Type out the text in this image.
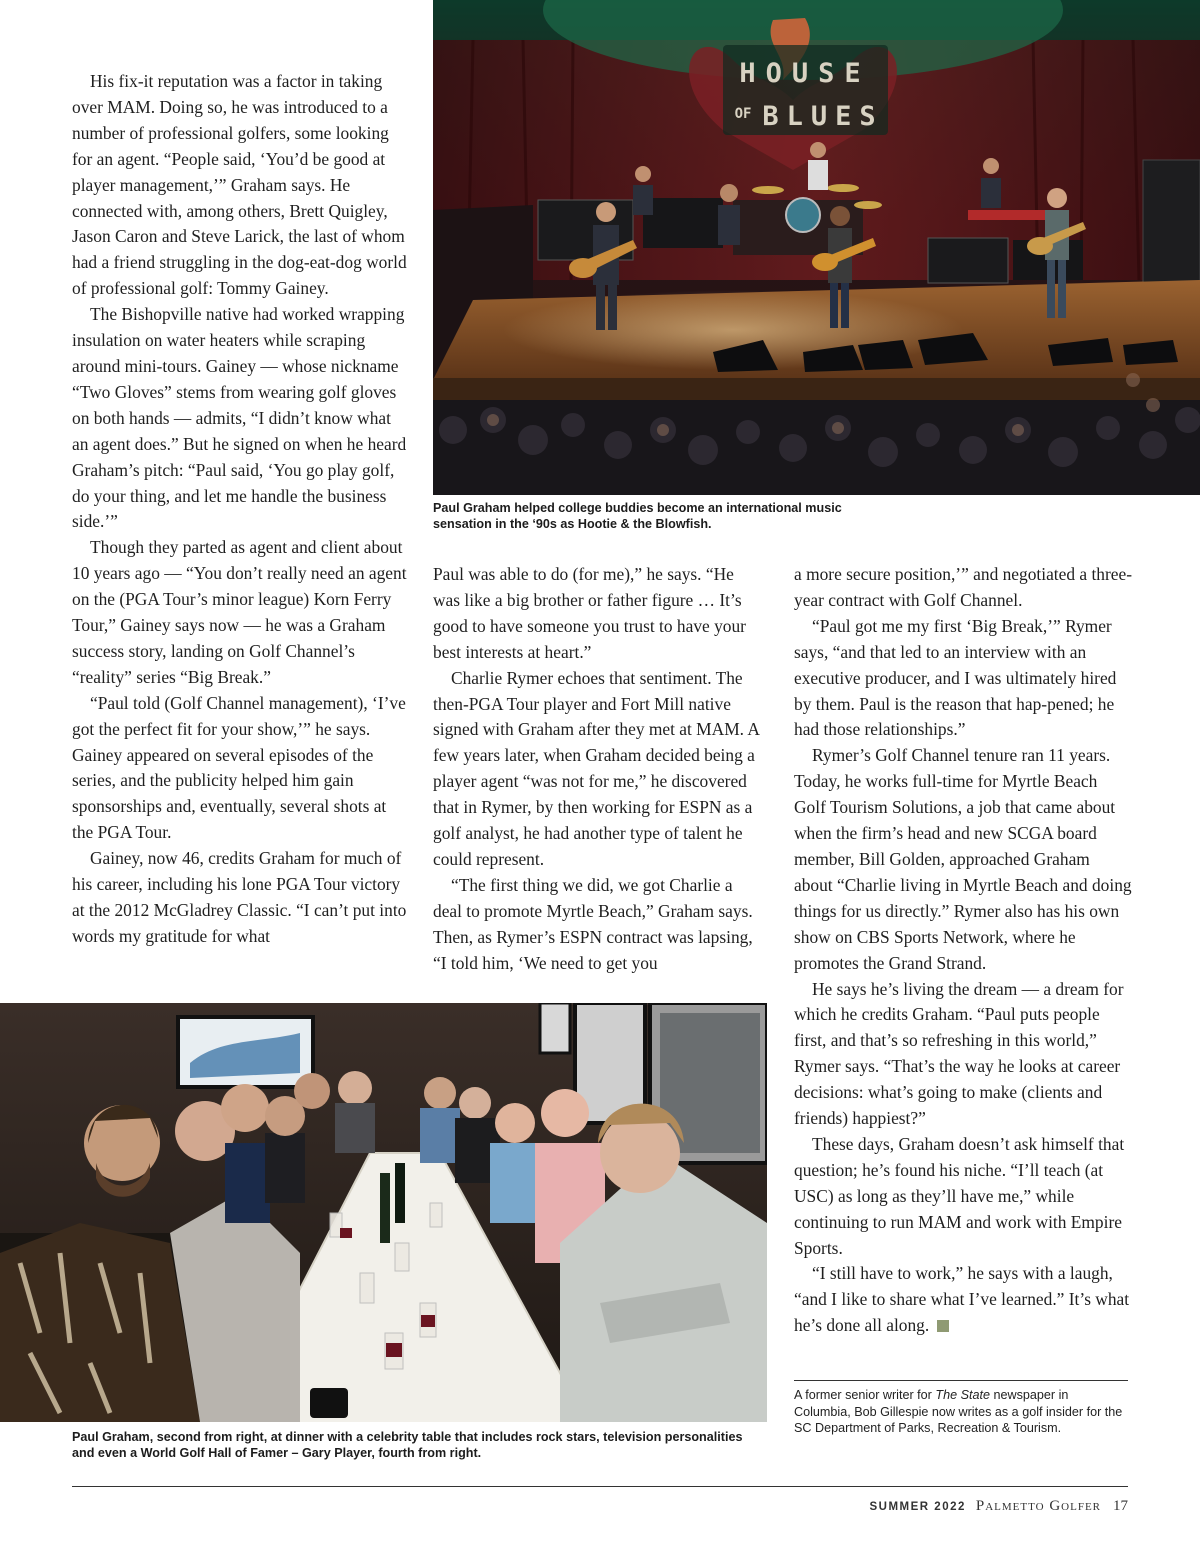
His fix-it reputation was a factor in taking over MAM. Doing so, he was introduced to a number of professional golfers, some looking for an agent. “People said, ‘You’d be good at player management,’” Graham says. He connected with, among others, Brett Quigley, Jason Caron and Steve Larick, the last of whom had a friend struggling in the dog-eat-dog world of professional golf: Tommy Gainey.

The Bishopville native had worked wrapping insulation on water heaters while scraping around mini-tours. Gainey — whose nickname “Two Gloves” stems from wearing golf gloves on both hands — admits, “I didn’t know what an agent does.” But he signed on when he heard Graham’s pitch: “Paul said, ‘You go play golf, do your thing, and let me handle the business side.’”

Though they parted as agent and client about 10 years ago — “You don’t really need an agent on the (PGA Tour’s minor league) Korn Ferry Tour,” Gainey says now — he was a Graham success story, landing on Golf Channel’s “reality” series “Big Break.”

“Paul told (Golf Channel management), ‘I’ve got the perfect fit for your show,’” he says. Gainey appeared on several episodes of the series, and the publicity helped him gain sponsorships and, eventually, several shots at the PGA Tour.

Gainey, now 46, credits Graham for much of his career, including his lone PGA Tour victory at the 2012 McGladrey Classic. “I can’t put into words my gratitude for what

HOUSE
OF BLUES
Paul Graham helped college buddies become an international music sensation in the ‘90s as Hootie & the Blowfish.

Paul was able to do (for me),” he says. “He was like a big brother or father figure … It’s good to have someone you trust to have your best interests at heart.”

Charlie Rymer echoes that sentiment. The then-PGA Tour player and Fort Mill native signed with Graham after they met at MAM. A few years later, when Graham decided being a player agent “was not for me,” he discovered that in Rymer, by then working for ESPN as a golf analyst, he had another type of talent he could represent.

“The first thing we did, we got Charlie a deal to promote Myrtle Beach,” Graham says. Then, as Rymer’s ESPN contract was lapsing, “I told him, ‘We need to get you

a more secure position,’” and negotiated a three-year contract with Golf Channel.

“Paul got me my first ‘Big Break,’” Rymer says, “and that led to an interview with an executive producer, and I was ultimately hired by them. Paul is the reason that hap-pened; he had those relationships.”

Rymer’s Golf Channel tenure ran 11 years. Today, he works full-time for Myrtle Beach Golf Tourism Solutions, a job that came about when the firm’s head and new SCGA board member, Bill Golden, approached Graham about “Charlie living in Myrtle Beach and doing things for us directly.” Rymer also has his own show on CBS Sports Network, where he promotes the Grand Strand.

He says he’s living the dream — a dream for which he credits Graham. “Paul puts people first, and that’s so refreshing in this world,” Rymer says. “That’s the way he looks at career decisions: what’s going to make (clients and friends) happiest?”

These days, Graham doesn’t ask himself that question; he’s found his niche. “I’ll teach (at USC) as long as they’ll have me,” while continuing to run MAM and work with Empire Sports.

“I still have to work,” he says with a laugh, “and I like to share what I’ve learned.” It’s what he’s done all along.

Paul Graham, second from right, at dinner with a celebrity table that includes rock stars, television personalities and even a World Golf Hall of Famer – Gary Player, fourth from right.
A former senior writer for The State newspaper in Columbia, Bob Gillespie now writes as a golf insider for the SC Department of Parks, Recreation & Tourism.
SUMMER 2022 Palmetto Golfer 17
